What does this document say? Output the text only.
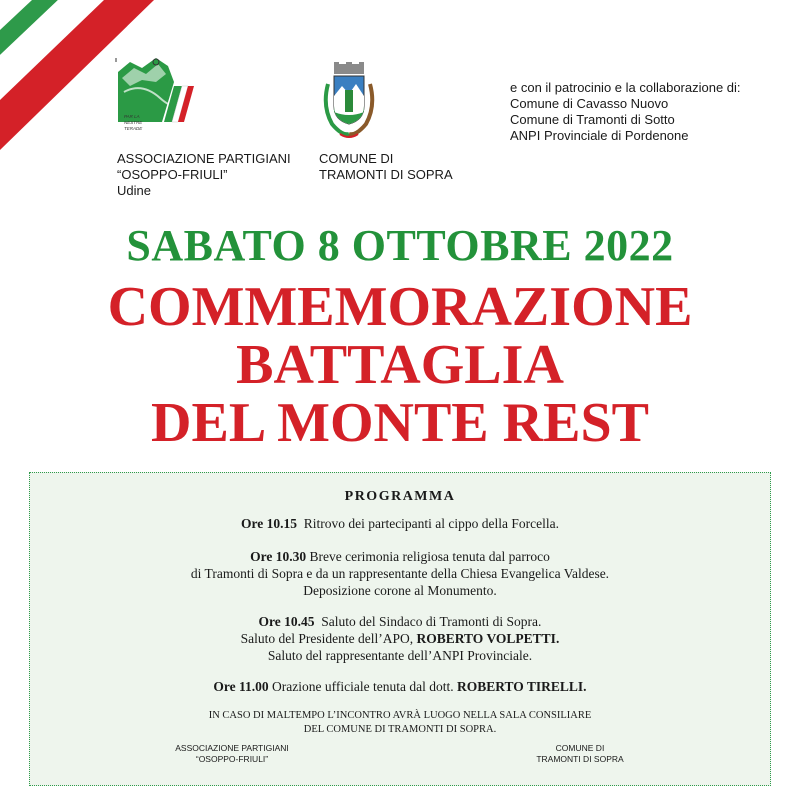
PAR LA
NESTRE
TERADE
e con il patrocinio e la collaborazione di:
Comune di Cavasso Nuovo
Comune di Tramonti di Sotto
ANPI Provinciale di Pordenone
ASSOCIAZIONE PARTIGIANI
“OSOPPO-FRIULI”
Udine
COMUNE DI
TRAMONTI DI SOPRA
SABATO 8 OTTOBRE 2022
COMMEMORAZIONE
BATTAGLIA
DEL MONTE REST
PROGRAMMA
Ore 10.15 Ritrovo dei partecipanti al cippo della Forcella.
Ore 10.30 Breve cerimonia religiosa tenuta dal parroco
di Tramonti di Sopra e da un rappresentante della Chiesa Evangelica Valdese.
Deposizione corone al Monumento.
Ore 10.45 Saluto del Sindaco di Tramonti di Sopra.
Saluto del Presidente dell’APO, ROBERTO VOLPETTI.
Saluto del rappresentante dell’ANPI Provinciale.
Ore 11.00 Orazione ufficiale tenuta dal dott. ROBERTO TIRELLI.
IN CASO DI MALTEMPO L’INCONTRO AVRÀ LUOGO NELLA SALA CONSILIARE
DEL COMUNE DI TRAMONTI DI SOPRA.
ASSOCIAZIONE PARTIGIANI
“OSOPPO-FRIULI”
COMUNE DI
TRAMONTI DI SOPRA
